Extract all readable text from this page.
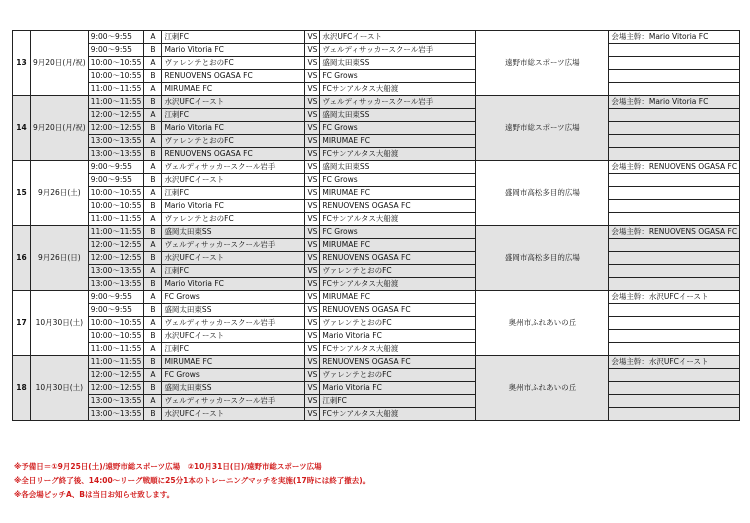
13	9月20日(月/祝)	9:00～9:55	A	江刺FC	VS	水沢UFCイースト	遠野市総スポーツ広場	会場主幹：Mario Vitoria FC
		9:00～9:55	B	Mario Vitoria FC	VS	ヴェルディサッカースクール岩手		
		10:00～10:55	A	ヴァレンテとおのFC	VS	盛岡太田東SS		
		10:00～10:55	B	RENUOVENS OGASA FC	VS	FC Grows		
		11:00～11:55	A	MIRUMAE FC	VS	FCサンアルタス大船渡		
14	9月20日(月/祝)	11:00～11:55	B	水沢UFCイースト	VS	ヴェルディサッカースクール岩手	遠野市総スポーツ広場	会場主幹：Mario Vitoria FC
		12:00～12:55	A	江刺FC	VS	盛岡太田東SS		
		12:00～12:55	B	Mario Vitoria FC	VS	FC Grows		
		13:00～13:55	A	ヴァレンテとおのFC	VS	MIRUMAE FC		
		13:00～13:55	B	RENUOVENS OGASA FC	VS	FCサンアルタス大船渡		
15	9月26日(土)	9:00～9:55	A	ヴェルディサッカースクール岩手	VS	盛岡太田東SS	盛岡市高松多目的広場	会場主幹：RENUOVENS OGASA FC
		9:00～9:55	B	水沢UFCイースト	VS	FC Grows		
		10:00～10:55	A	江刺FC	VS	MIRUMAE FC		
		10:00～10:55	B	Mario Vitoria FC	VS	RENUOVENS OGASA FC		
		11:00～11:55	A	ヴァレンテとおのFC	VS	FCサンアルタス大船渡		
16	9月26日(日)	11:00～11:55	B	盛岡太田東SS	VS	FC Grows	盛岡市高松多目的広場	会場主幹：RENUOVENS OGASA FC
		12:00～12:55	A	ヴェルディサッカースクール岩手	VS	MIRUMAE FC		
		12:00～12:55	B	水沢UFCイースト	VS	RENUOVENS OGASA FC		
		13:00～13:55	A	江刺FC	VS	ヴァレンテとおのFC		
		13:00～13:55	B	Mario Vitoria FC	VS	FCサンアルタス大船渡		
17	10月30日(土)	9:00～9:55	A	FC Grows	VS	MIRUMAE FC	奥州市ふれあいの丘	会場主幹：水沢UFCイースト
		9:00～9:55	B	盛岡太田東SS	VS	RENUOVENS OGASA FC		
		10:00～10:55	A	ヴェルディサッカースクール岩手	VS	ヴァレンテとおのFC		
		10:00～10:55	B	水沢UFCイースト	VS	Mario Vitoria FC		
		11:00～11:55	A	江刺FC	VS	FCサンアルタス大船渡		
18	10月30日(土)	11:00～11:55	B	MIRUMAE FC	VS	RENUOVENS OGASA FC	奥州市ふれあいの丘	会場主幹：水沢UFCイースト
		12:00～12:55	A	FC Grows	VS	ヴァレンテとおのFC		
		12:00～12:55	B	盛岡太田東SS	VS	Mario Vitoria FC		
		13:00～13:55	A	ヴェルディサッカースクール岩手	VS	江刺FC		
		13:00～13:55	B	水沢UFCイースト	VS	FCサンアルタス大船渡		
※予備日＝①9月25日(土)/遠野市総スポーツ広場　②10月31日(日)/遠野市総スポーツ広場
※全日リーグ終了後、14:00～リーグ戦順に25分1本のトレーニングマッチを実施(17時には終了撤去)。
※各会場ピッチA、Bは当日お知らせ致します。
